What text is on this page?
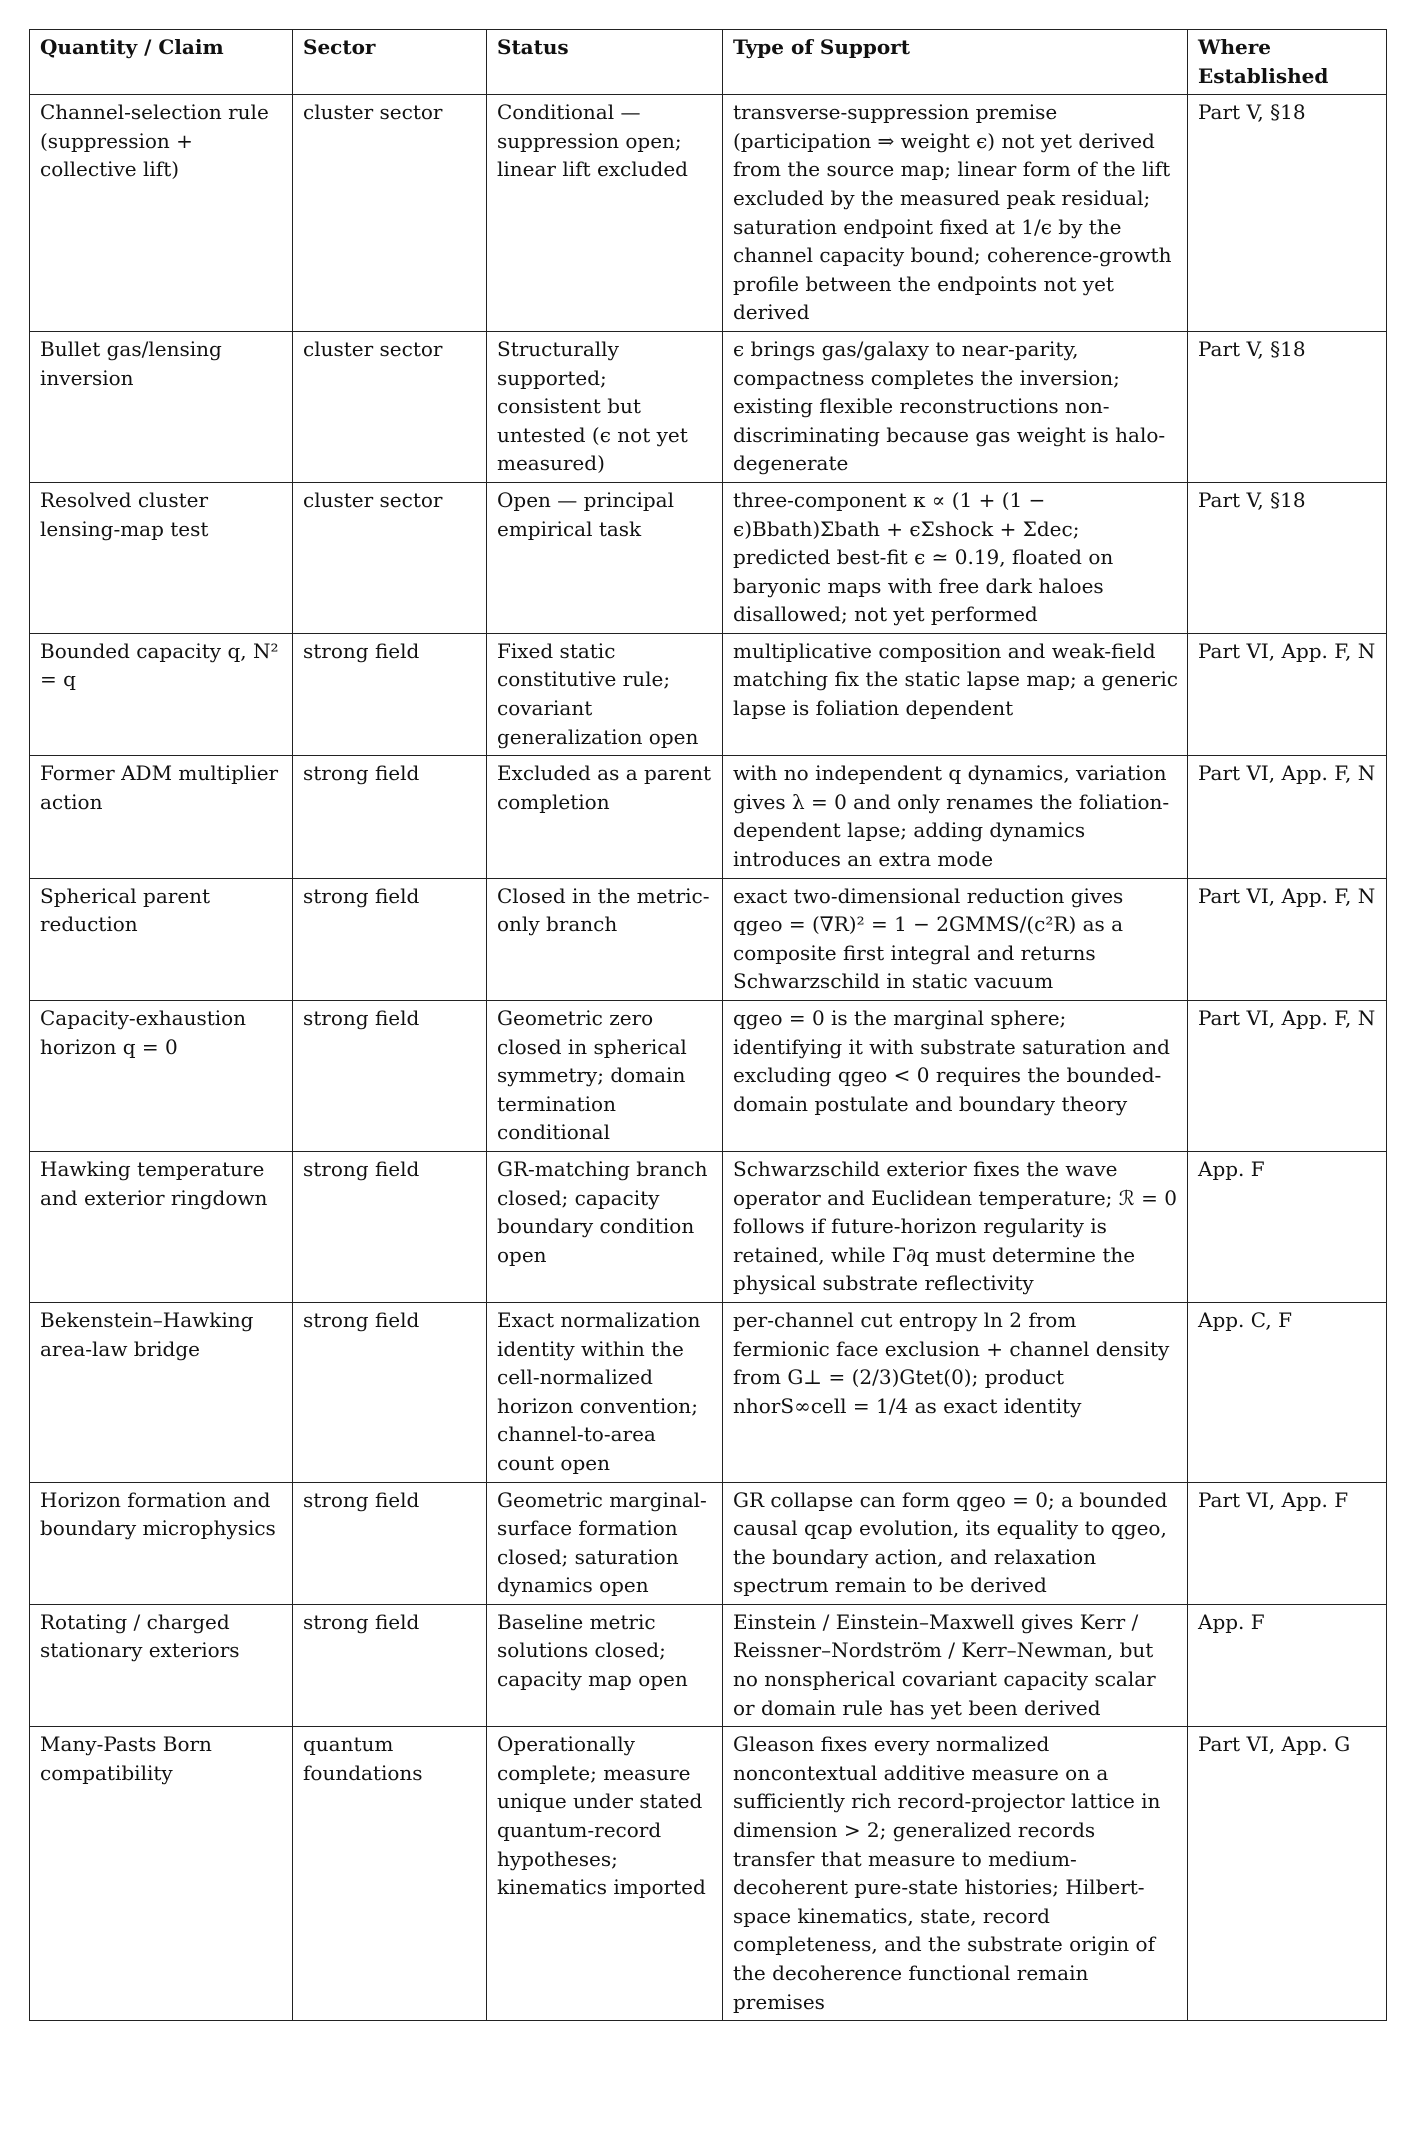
Quantity / Claim	Sector	Status	Type of Support	Where Established
Channel-selection rule (suppression + collective lift)	cluster sector	Conditional — suppression open; linear lift excluded	transverse-suppression premise (participation ⇒ weight ϵ) not yet derived from the source map; linear form of the lift excluded by the measured peak residual; saturation endpoint fixed at 1/ϵ by the channel capacity bound; coherence-growth profile between the endpoints not yet derived	Part V, §18
Bullet gas/lensing inversion	cluster sector	Structurally supported; consistent but untested (ϵ not yet measured)	ϵ brings gas/galaxy to near-parity, compactness completes the inversion; existing flexible reconstructions non-discriminating because gas weight is halo-degenerate	Part V, §18
Resolved cluster lensing-map test	cluster sector	Open — principal empirical task	three-component κ ∝ (1 + (1 − ϵ)Bbath)Σbath + ϵΣshock + Σdec; predicted best-fit ϵ ≃ 0.19, floated on baryonic maps with free dark haloes disallowed; not yet performed	Part V, §18
Bounded capacity q, N² = q	strong field	Fixed static constitutive rule; covariant generalization open	multiplicative composition and weak-field matching fix the static lapse map; a generic lapse is foliation dependent	Part VI, App. F, N
Former ADM multiplier action	strong field	Excluded as a parent completion	with no independent q dynamics, variation gives λ = 0 and only renames the foliation-dependent lapse; adding dynamics introduces an extra mode	Part VI, App. F, N
Spherical parent reduction	strong field	Closed in the metric-only branch	exact two-dimensional reduction gives qgeo = (∇R)² = 1 − 2GMMS/(c²R) as a composite first integral and returns Schwarzschild in static vacuum	Part VI, App. F, N
Capacity-exhaustion horizon q = 0	strong field	Geometric zero closed in spherical symmetry; domain termination conditional	qgeo = 0 is the marginal sphere; identifying it with substrate saturation and excluding qgeo < 0 requires the bounded-domain postulate and boundary theory	Part VI, App. F, N
Hawking temperature and exterior ringdown	strong field	GR-matching branch closed; capacity boundary condition open	Schwarzschild exterior fixes the wave operator and Euclidean temperature; ℛ = 0 follows if future-horizon regularity is retained, while Γ∂q must determine the physical substrate reflectivity	App. F
Bekenstein–Hawking area-law bridge	strong field	Exact normalization identity within the cell-normalized horizon convention; channel-to-area count open	per-channel cut entropy ln 2 from fermionic face exclusion + channel density from G⊥ = (2/3)Gtet(0); product nhorS∞cell = 1/4 as exact identity	App. C, F
Horizon formation and boundary microphysics	strong field	Geometric marginal-surface formation closed; saturation dynamics open	GR collapse can form qgeo = 0; a bounded causal qcap evolution, its equality to qgeo, the boundary action, and relaxation spectrum remain to be derived	Part VI, App. F
Rotating / charged stationary exteriors	strong field	Baseline metric solutions closed; capacity map open	Einstein / Einstein–Maxwell gives Kerr / Reissner–Nordström / Kerr–Newman, but no nonspherical covariant capacity scalar or domain rule has yet been derived	App. F
Many-Pasts Born compatibility	quantum foundations	Operationally complete; measure unique under stated quantum-record hypotheses; kinematics imported	Gleason fixes every normalized noncontextual additive measure on a sufficiently rich record-projector lattice in dimension > 2; generalized records transfer that measure to medium-decoherent pure-state histories; Hilbert-space kinematics, state, record completeness, and the substrate origin of the decoherence functional remain premises	Part VI, App. G
